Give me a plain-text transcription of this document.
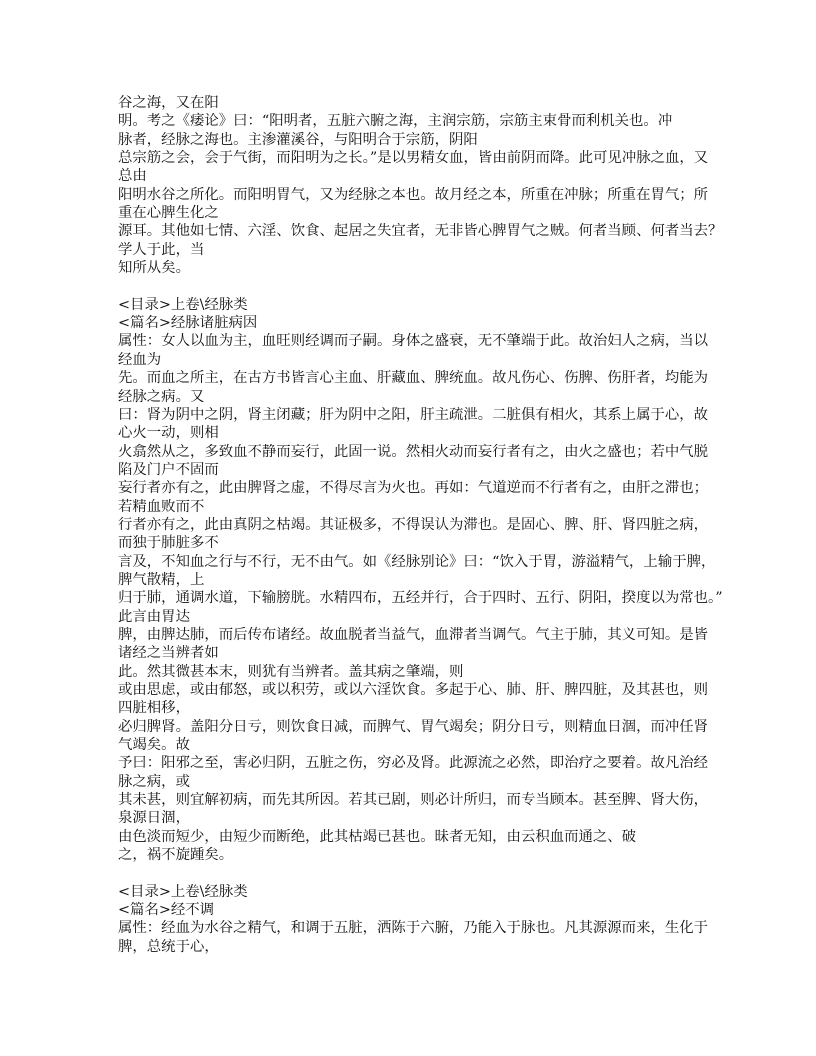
谷之海，又在阳
明。考之《痿论》曰：“阳明者，五脏六腑之海，主润宗筋，宗筋主束骨而利机关也。冲
脉者，经脉之海也。主渗灌溪谷，与阳明合于宗筋，阴阳
总宗筋之会，会于气街，而阳明为之长。”是以男精女血，皆由前阴而降。此可见冲脉之血，又
总由
阳明水谷之所化。而阳明胃气，又为经脉之本也。故月经之本，所重在冲脉；所重在胃气；所
重在心脾生化之
源耳。其他如七情、六淫、饮食、起居之失宜者，无非皆心脾胃气之贼。何者当顾、何者当去？
学人于此，当
知所从矣。
<目录>上卷\经脉类
<篇名>经脉诸脏病因
属性：女人以血为主，血旺则经调而子嗣。身体之盛衰，无不肇端于此。故治妇人之病，当以
经血为
先。而血之所主，在古方书皆言心主血、肝藏血、脾统血。故凡伤心、伤脾、伤肝者，均能为
经脉之病。又
曰：肾为阴中之阴，肾主闭藏；肝为阴中之阳，肝主疏泄。二脏俱有相火，其系上属于心，故
心火一动，则相
火翕然从之，多致血不静而妄行，此固一说。然相火动而妄行者有之，由火之盛也；若中气脱
陷及门户不固而
妄行者亦有之，此由脾肾之虚，不得尽言为火也。再如：气道逆而不行者有之，由肝之滞也；
若精血败而不
行者亦有之，此由真阴之枯竭。其证极多，不得误认为滞也。是固心、脾、肝、肾四脏之病，
而独于肺脏多不
言及，不知血之行与不行，无不由气。如《经脉别论》曰：“饮入于胃，游溢精气，上输于脾，
脾气散精，上
归于肺，通调水道，下输膀胱。水精四布，五经并行，合于四时、五行、阴阳，揆度以为常也。”
此言由胃达
脾，由脾达肺，而后传布诸经。故血脱者当益气，血滞者当调气。气主于肺，其义可知。是皆
诸经之当辨者如
此。然其微甚本末，则犹有当辨者。盖其病之肇端，则
或由思虑，或由郁怒，或以积劳，或以六淫饮食。多起于心、肺、肝、脾四脏，及其甚也，则
四脏相移，
必归脾肾。盖阳分日亏，则饮食日减，而脾气、胃气竭矣；阴分日亏，则精血日涸，而冲任肾
气竭矣。故
予曰：阳邪之至，害必归阴，五脏之伤，穷必及肾。此源流之必然，即治疗之要着。故凡治经
脉之病，或
其未甚，则宜解初病，而先其所因。若其已剧，则必计所归，而专当顾本。甚至脾、肾大伤，
泉源日涸，
由色淡而短少，由短少而断绝，此其枯竭已甚也。昧者无知，由云积血而通之、破
之，祸不旋踵矣。
<目录>上卷\经脉类
<篇名>经不调
属性：经血为水谷之精气，和调于五脏，洒陈于六腑，乃能入于脉也。凡其源源而来，生化于
脾，总统于心，
